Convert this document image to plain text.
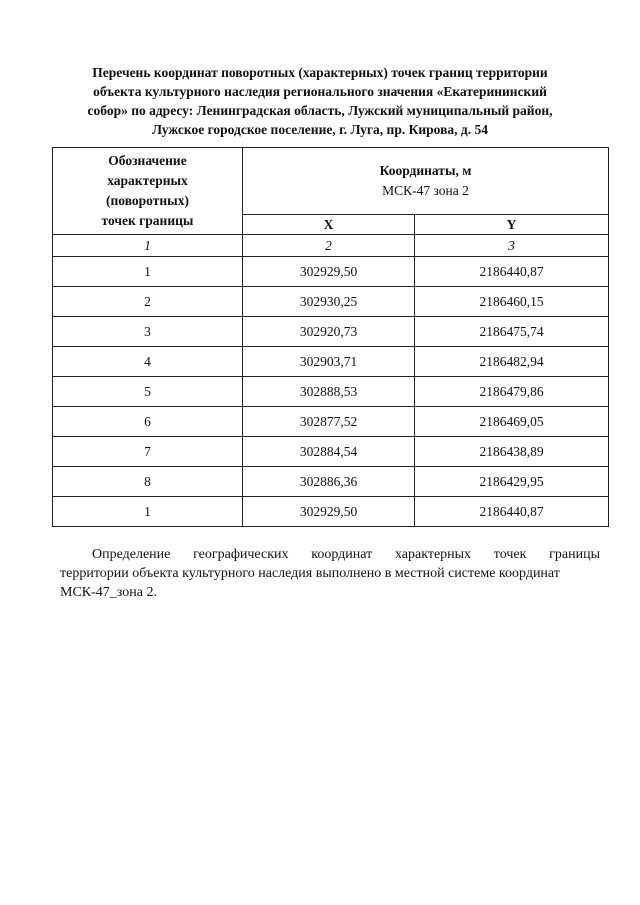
Перечень координат поворотных (характерных) точек границ территории
объекта культурного наследия регионального значения «Екатерининский
собор» по адресу: Ленинградская область, Лужский муниципальный район,
Лужское городское поселение, г. Луга, пр. Кирова, д. 54
Обозначение
характерных
(поворотных)
точек границы	Координаты, м
МСК-47 зона 2	

	X	Y
1	2	3
1	302929,50	2186440,87
2	302930,25	2186460,15
3	302920,73	2186475,74
4	302903,71	2186482,94
5	302888,53	2186479,86
6	302877,52	2186469,05
7	302884,54	2186438,89
8	302886,36	2186429,95
1	302929,50	2186440,87
Определение географических координат характерных точек границы
территории объекта культурного наследия выполнено в местной системе координат
МСК-47_зона 2.
